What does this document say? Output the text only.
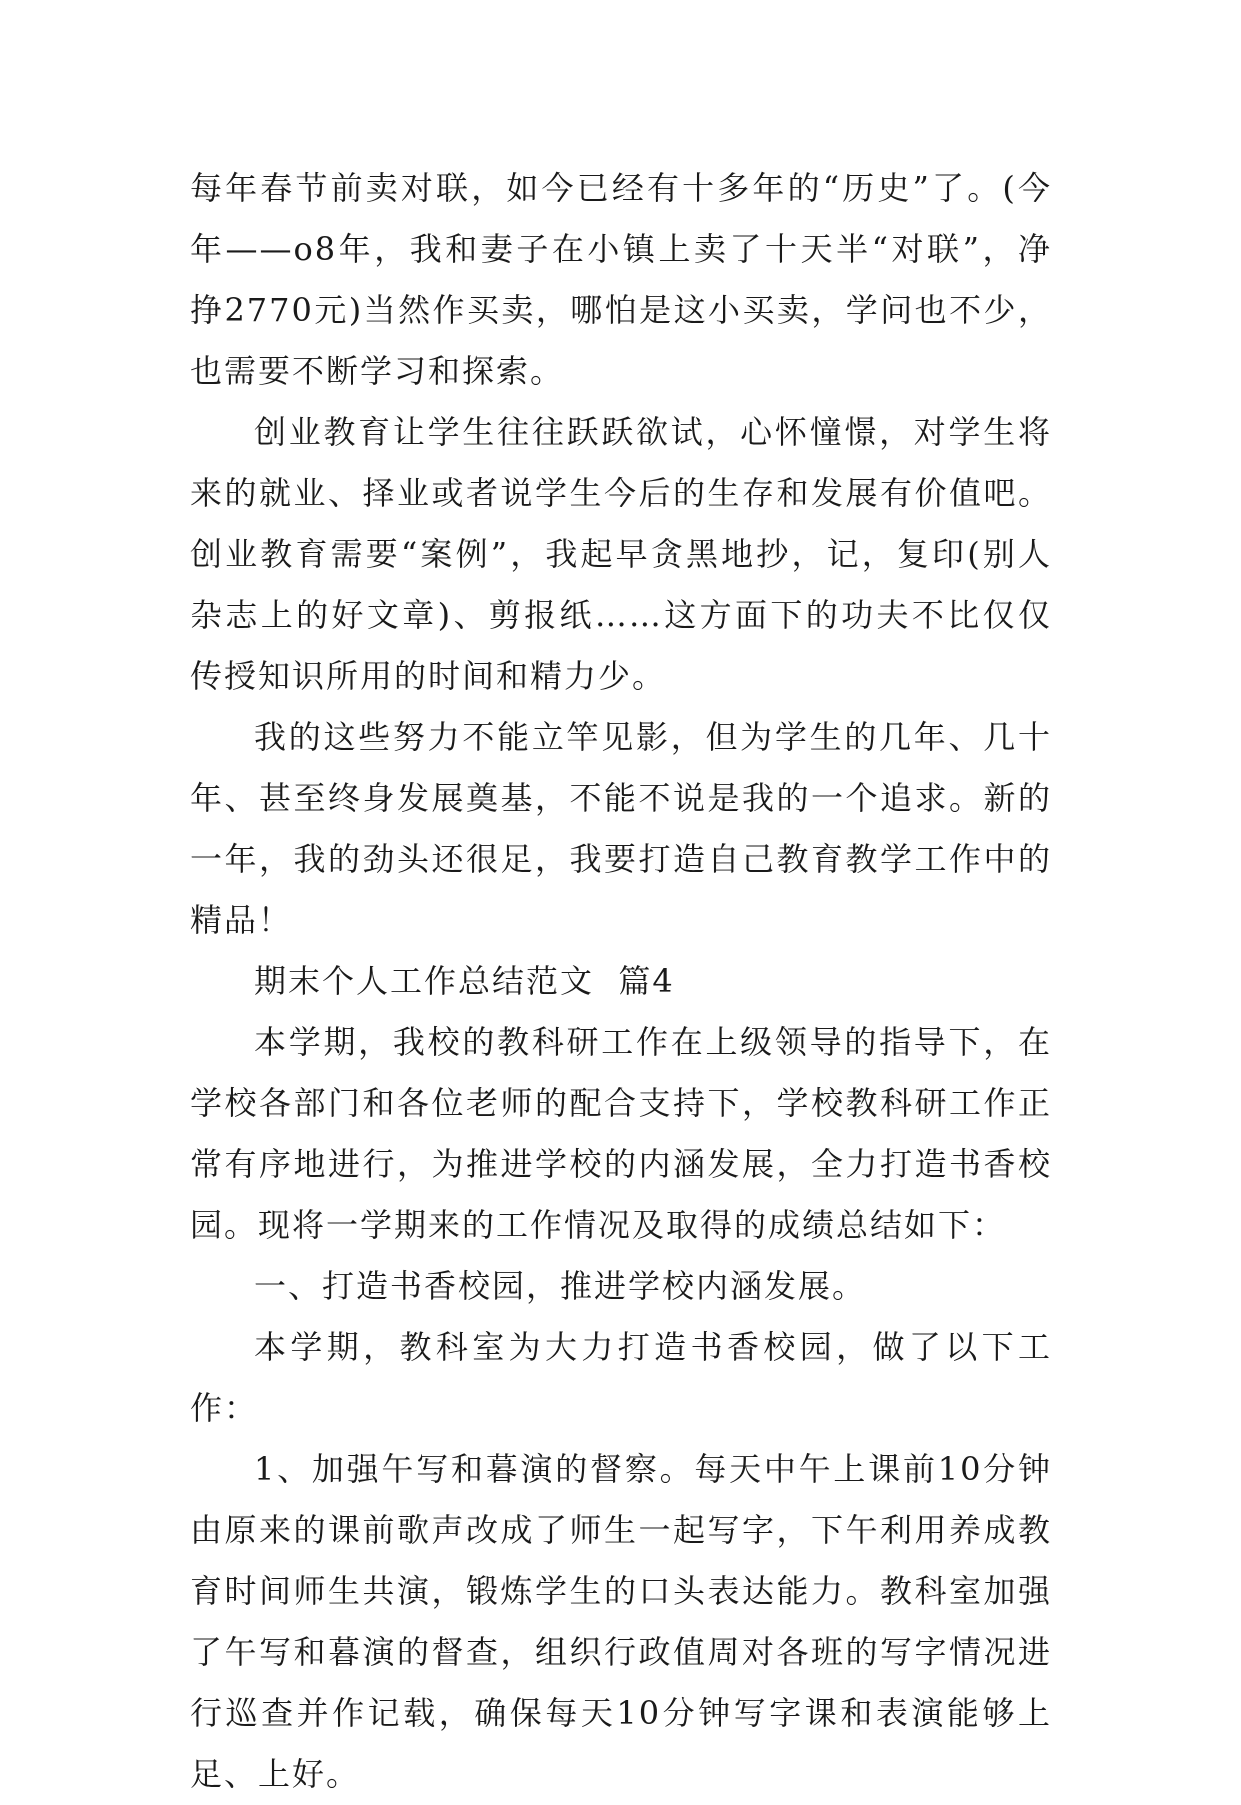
每年春节前卖对联，如今已经有十多年的“历史”了。(今年——o8年，我和妻子在小镇上卖了十天半“对联”，净挣2770元)当然作买卖，哪怕是这小买卖，学问也不少，也需要不断学习和探索。

创业教育让学生往往跃跃欲试，心怀憧憬，对学生将来的就业、择业或者说学生今后的生存和发展有价值吧。创业教育需要“案例”，我起早贪黑地抄，记，复印(别人杂志上的好文章)、剪报纸……这方面下的功夫不比仅仅传授知识所用的时间和精力少。

我的这些努力不能立竿见影，但为学生的几年、几十年、甚至终身发展奠基，不能不说是我的一个追求。新的一年，我的劲头还很足，我要打造自己教育教学工作中的精品！

期末个人工作总结范文  篇4

本学期，我校的教科研工作在上级领导的指导下，在学校各部门和各位老师的配合支持下，学校教科研工作正常有序地进行，为推进学校的内涵发展，全力打造书香校园。现将一学期来的工作情况及取得的成绩总结如下：

一、打造书香校园，推进学校内涵发展。

本学期，教科室为大力打造书香校园，做了以下工作：

1、加强午写和暮演的督察。每天中午上课前10分钟由原来的课前歌声改成了师生一起写字，下午利用养成教育时间师生共演，锻炼学生的口头表达能力。教科室加强了午写和暮演的督查，组织行政值周对各班的写字情况进行巡查并作记载，确保每天10分钟写字课和表演能够上足、上好。
